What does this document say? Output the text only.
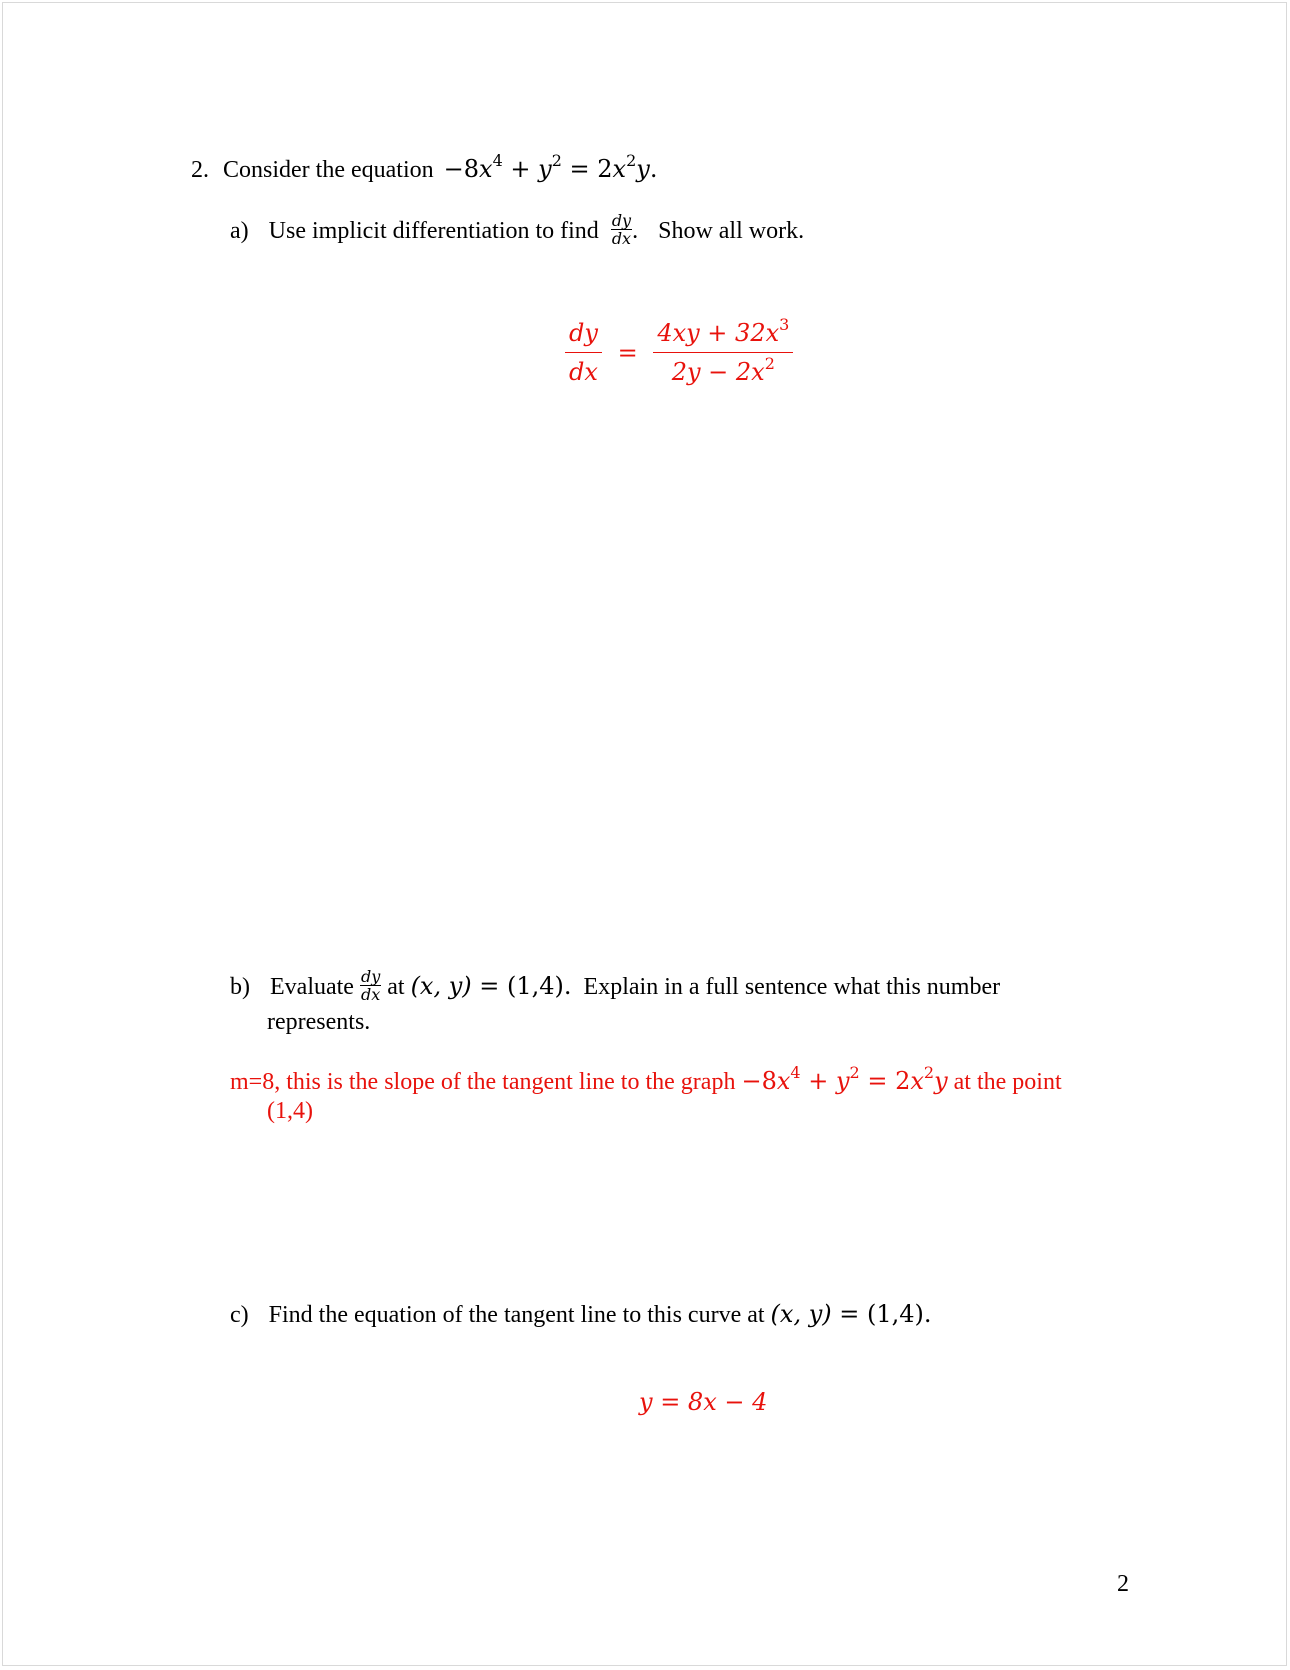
2. Consider the equation $-8x^4 + y^2 = 2x^2y$.
a) Use implicit differentiation to find $\frac{dy}{dx}$ . Show all work.
$\frac{dy}{dx} = \frac{4xy + 32x^3}{2y - 2x^2}$
b) Evaluate $\frac{dy}{dx}$ at (x, y) = (1,4). Explain in a full sentence what this number
represents.
m=8, this is the slope of the tangent line to the graph $-8x^4 + y^2 = 2x^2y$ at the point
(1,4)
c) Find the equation of the tangent line to this curve at (x, y) = (1,4).
y = 8x − 4
2
